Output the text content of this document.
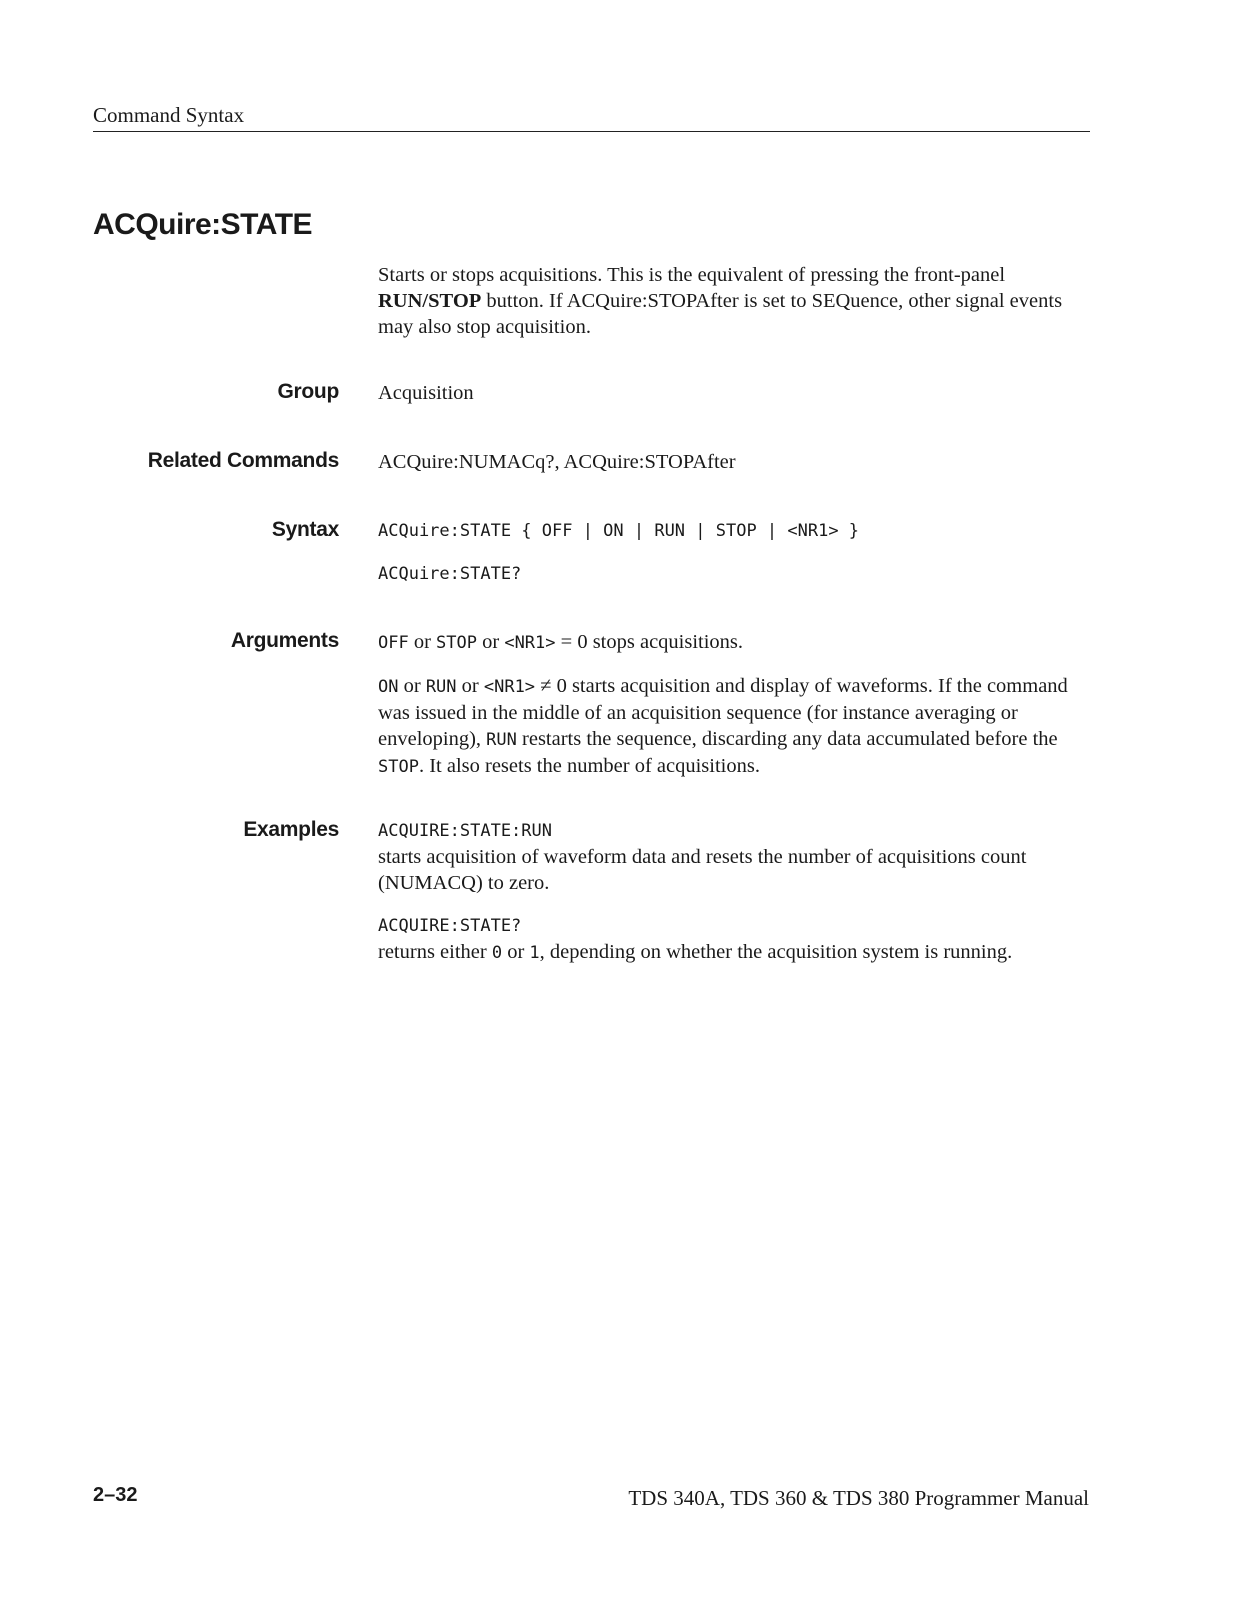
Command Syntax
ACQuire:STATE

Starts or stops acquisitions. This is the equivalent of pressing the front-panel RUN/STOP button. If ACQuire:STOPAfter is set to SEQuence, other signal events may also stop acquisition.

Group Acquisition
Related Commands ACQuire:NUMACq?, ACQuire:STOPAfter
Syntax ACQuire:STATE { OFF | ON | RUN | STOP | <NR1> }

ACQuire:STATE?

Arguments OFF or STOP or <NR1> = 0 stops acquisitions.

ON or RUN or <NR1> ≠ 0 starts acquisition and display of waveforms. If the command was issued in the middle of an acquisition sequence (for instance averaging or enveloping), RUN restarts the sequence, discarding any data accumulated before the STOP. It also resets the number of acquisitions.

Examples ACQUIRE:STATE:RUN

starts acquisition of waveform data and resets the number of acquisitions count (NUMACQ) to zero.

ACQUIRE:STATE?

returns either 0 or 1, depending on whether the acquisition system is running.

2–32	TDS 340A, TDS 360 & TDS 380 Programmer Manual
